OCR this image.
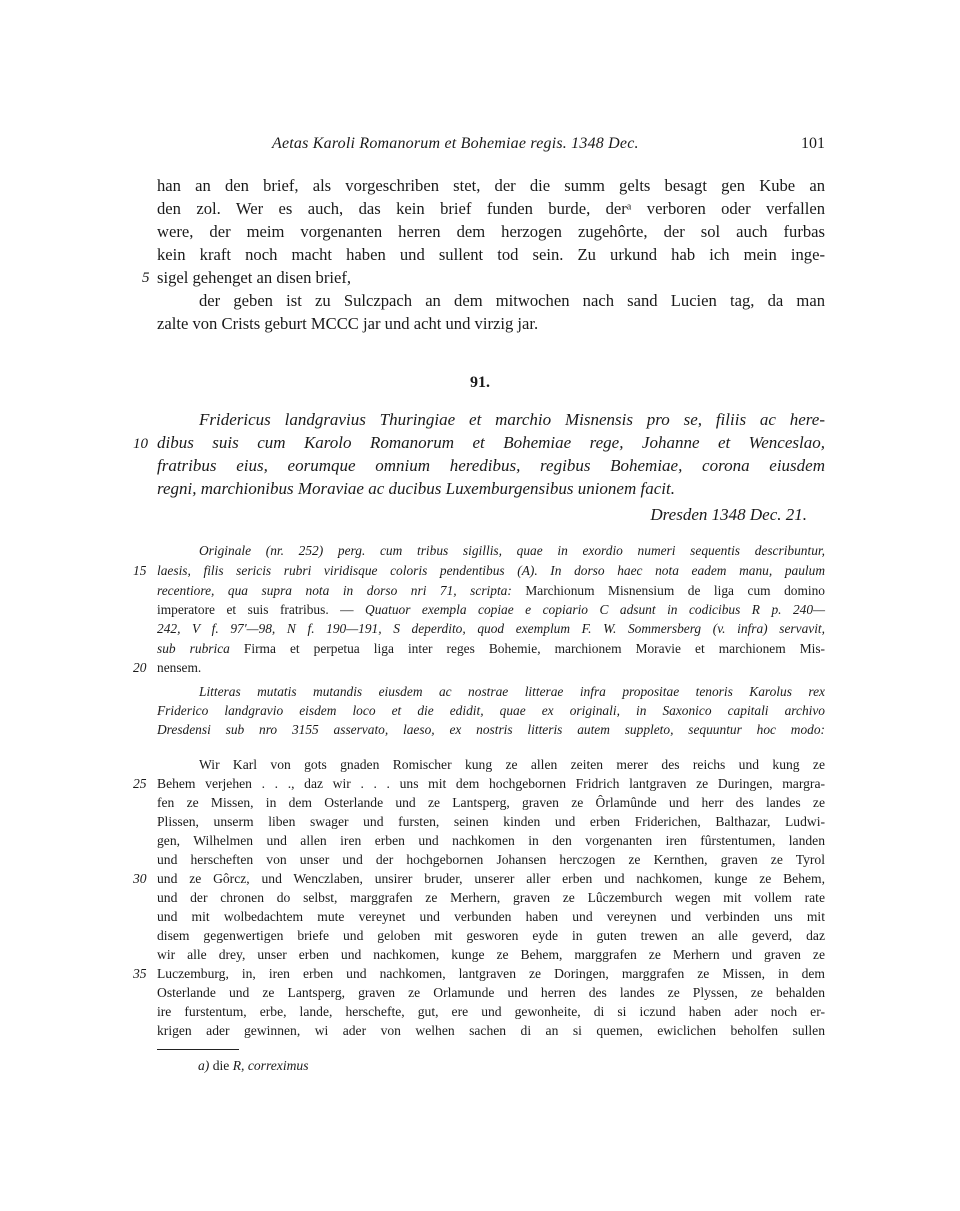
Aetas Karoli Romanorum et Bohemiae regis. 1348 Dec.	101
han an den brief, als vorgeschriben stet, der die summ gelts besagt gen Kube an
den zol. Wer es auch, das kein brief funden burde, derᵃ verboren oder verfallen
were, der meim vorgenanten herren dem herzogen zugehôrte, der sol auch furbas
kein kraft noch macht haben und sullent tod sein. Zu urkund hab ich mein inge-
sigel gehenget an disen brief,
5
der geben ist zu Sulczpach an dem mitwochen nach sand Lucien tag, da man
zalte von Crists geburt MCCC jar und acht und virzig jar.
91.
Fridericus landgravius Thuringiae et marchio Misnensis pro se, filiis ac here-
10 dibus suis cum Karolo Romanorum et Bohemiae rege, Johanne et Wenceslao,
fratribus eius, eorumque omnium heredibus, regibus Bohemiae, corona eiusdem
regni, marchionibus Moraviae ac ducibus Luxemburgensibus unionem facit.
Dresden 1348 Dec. 21.
Originale (nr. 252) perg. cum tribus sigillis, quae in exordio numeri sequentis describuntur,
15 laesis, filis sericis rubri viridisque coloris pendentibus (A). In dorso haec nota eadem manu, paulum
recentiore, qua supra nota in dorso nri 71, scripta: Marchionum Misnensium de liga cum domino
imperatore et suis fratribus. — Quatuor exempla copiae e copiario C adsunt in codicibus R p. 240—
242, V f. 97′—98, N f. 190—191, S deperdito, quod exemplum F. W. Sommersberg (v. infra) servavit,
sub rubrica Firma et perpetua liga inter reges Bohemie, marchionem Moravie et marchionem Mis-
20 nensem.
Litteras mutatis mutandis eiusdem ac nostrae litterae infra propositae tenoris Karolus rex
Friderico landgravio eisdem loco et die edidit, quae ex originali, in Saxonico capitali archivo
Dresdensi sub nro 3155 asservato, laeso, ex nostris litteris autem suppleto, sequuntur hoc modo:
Wir Karl von gots gnaden Romischer kung ze allen zeiten merer des reichs und kung ze
25 Behem verjehen . . ., daz wir . . . uns mit dem hochgebornen Fridrich lantgraven ze Duringen, margra-
fen ze Missen, in dem Osterlande und ze Lantsperg, graven ze Ôrlamûnde und herr des landes ze
Plissen, unserm liben swager und fursten, seinen kinden und erben Friderichen, Balthazar, Ludwi-
gen, Wilhelmen und allen iren erben und nachkomen in den vorgenanten iren fûrstentumen, landen
und herscheften von unser und der hochgebornen Johansen herczogen ze Kernthen, graven ze Tyrol
30 und ze Gôrcz, und Wenczlaben, unsirer bruder, unserer aller erben und nachkomen, kunge ze Behem,
und der chronen do selbst, marggrafen ze Merhern, graven ze Lûczemburch wegen mit vollem rate
und mit wolbedachtem mute vereynet und verbunden haben und vereynen und verbinden uns mit
disem gegenwertigen briefe und geloben mit gesworen eyde in guten trewen an alle geverd, daz
wir alle drey, unser erben und nachkomen, kunge ze Behem, marggrafen ze Merhern und graven ze
35 Luczemburg, in, iren erben und nachkomen, lantgraven ze Doringen, marggrafen ze Missen, in dem
Osterlande und ze Lantsperg, graven ze Orlamunde und herren des landes ze Plyssen, ze behalden
ire furstentum, erbe, lande, herschefte, gut, ere und gewonheite, di si iczund haben ader noch er-
krigen ader gewinnen, wi ader von welhen sachen di an si quemen, ewiclichen beholfen sullen
a) die R, correximus
